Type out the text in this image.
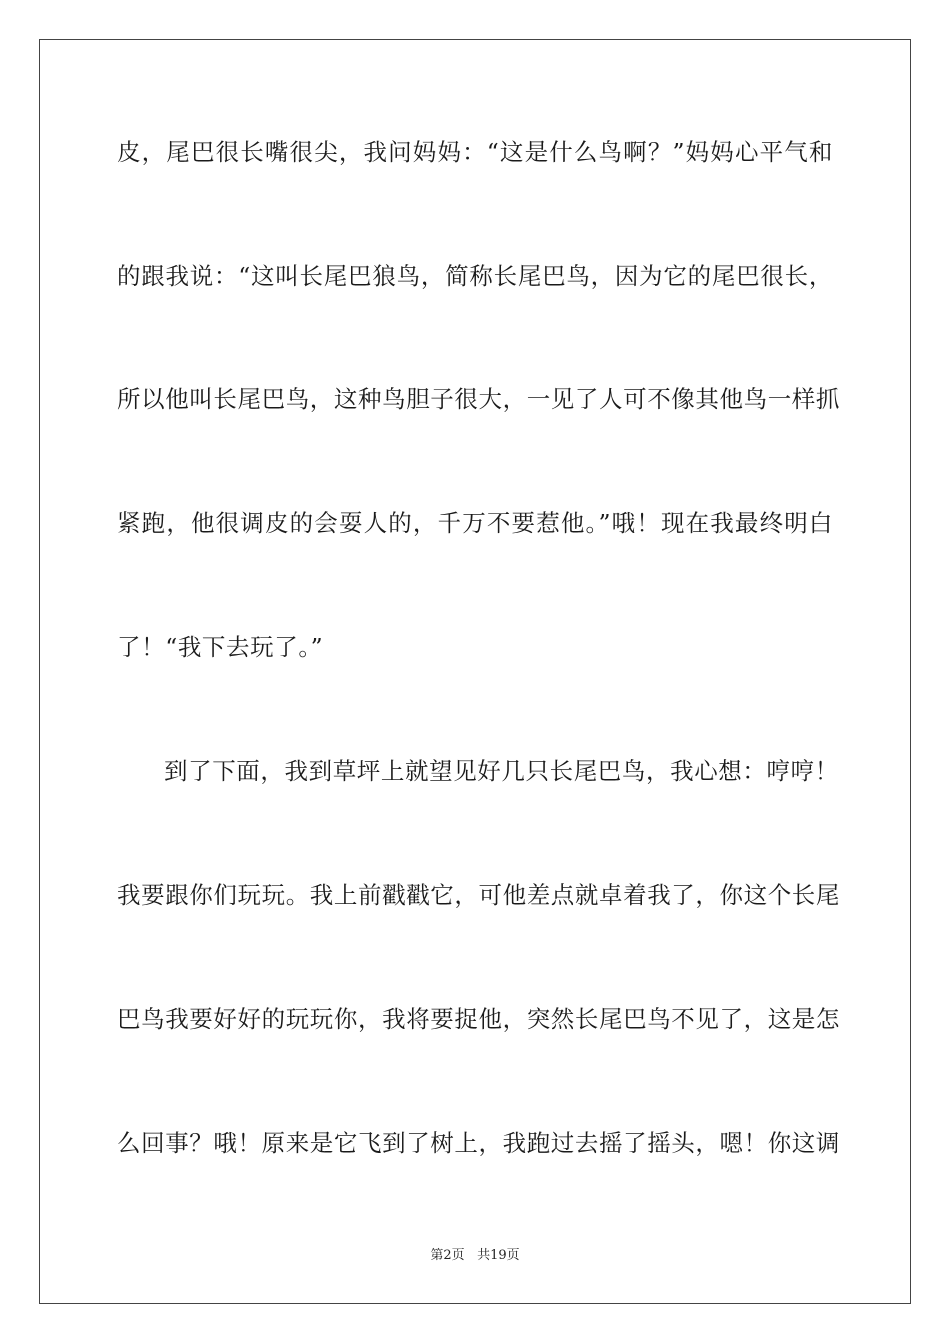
皮，尾巴很长嘴很尖，我问妈妈：“这是什么鸟啊？”妈妈心平气和
的跟我说：“这叫长尾巴狼鸟，简称长尾巴鸟，因为它的尾巴很长，
所以他叫长尾巴鸟，这种鸟胆子很大，一见了人可不像其他鸟一样抓
紧跑，他很调皮的会耍人的，千万不要惹他。”哦！现在我最终明白
了！“我下去玩了。”
到了下面，我到草坪上就望见好几只长尾巴鸟，我心想：哼哼！
我要跟你们玩玩。我上前戳戳它，可他差点就卓着我了，你这个长尾
巴鸟我要好好的玩玩你，我将要捉他，突然长尾巴鸟不见了，这是怎
么回事？哦！原来是它飞到了树上，我跑过去摇了摇头，嗯！你这调
第2页 共19页
